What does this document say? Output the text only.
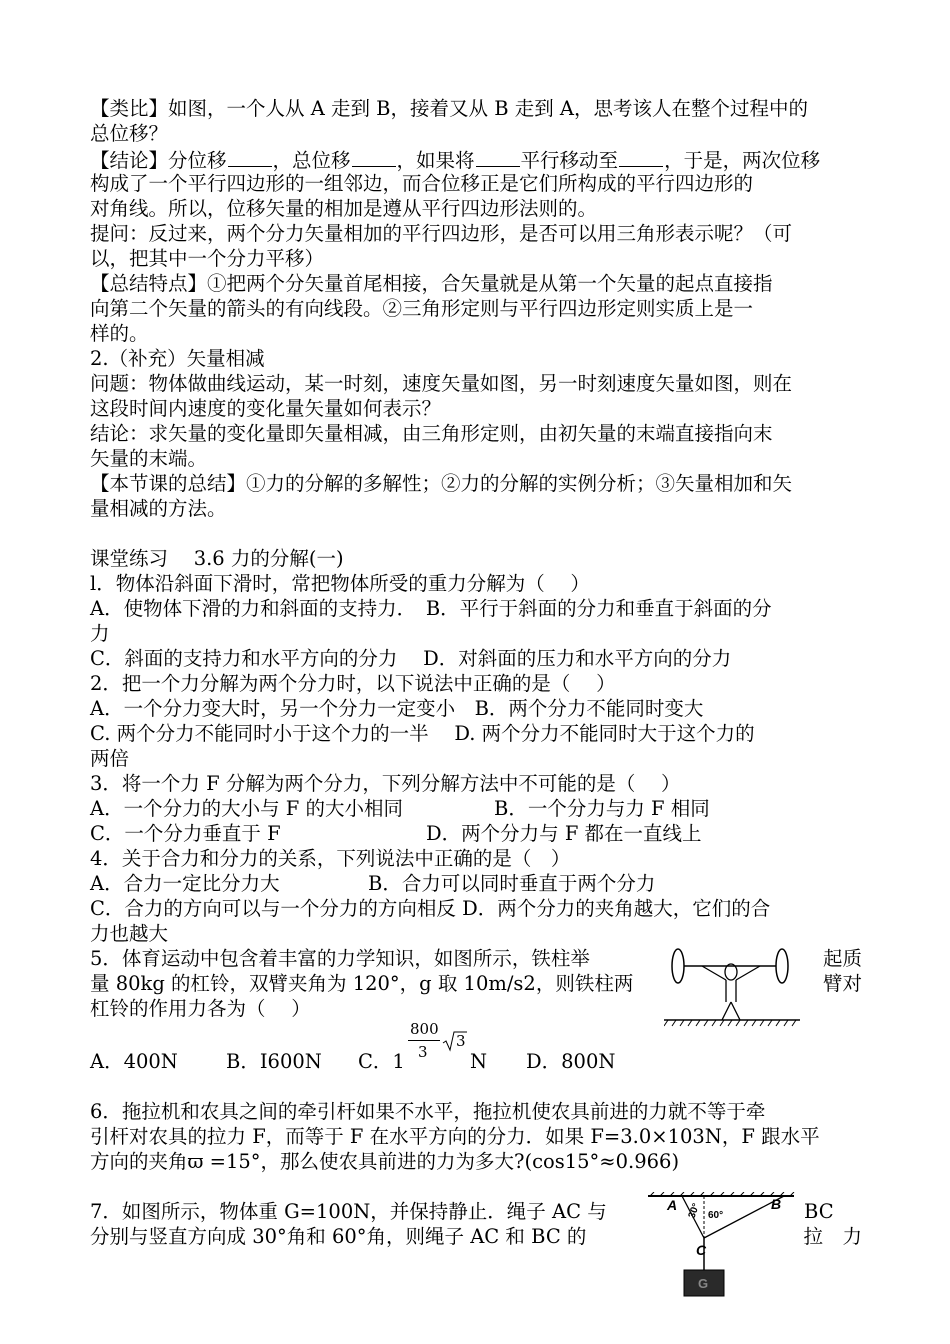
【类比】如图，一个人从 A 走到 B，接着又从 B 走到 A，思考该人在整个过程中的
总位移？
【结论】分位移 ，总位移 ，如果将 平行移动至 ，于是，两次位移
构成了一个平行四边形的一组邻边，而合位移正是它们所构成的平行四边形的
对角线。所以，位移矢量的相加是遵从平行四边形法则的。
提问：反过来，两个分力矢量相加的平行四边形，是否可以用三角形表示呢？（可
以，把其中一个分力平移）
【总结特点】①把两个分矢量首尾相接，合矢量就是从第一个矢量的起点直接指
向第二个矢量的箭头的有向线段。②三角形定则与平行四边形定则实质上是一
样的。
2.（补充）矢量相减
问题：物体做曲线运动，某一时刻，速度矢量如图，另一时刻速度矢量如图，则在
这段时间内速度的变化量矢量如何表示？
结论：求矢量的变化量即矢量相减，由三角形定则，由初矢量的末端直接指向末
矢量的末端。
【本节课的总结】①力的分解的多解性；②力的分解的实例分析；③矢量相加和矢
量相减的方法。
课堂练习　 3.6 力的分解(一)
l．物体沿斜面下滑时，常把物体所受的重力分解为（　 ）
A．使物体下滑的力和斜面的支持力．　B．平行于斜面的分力和垂直于斜面的分
力
C．斜面的支持力和水平方向的分力　 D．对斜面的压力和水平方向的分力
2．把一个力分解为两个分力时，以下说法中正确的是（　 ）
A．一个分力变大时，另一个分力一定变小　B．两个分力不能同时变大
C. 两个分力不能同时小于这个力的一半　 D. 两个分力不能同时大于这个力的
两倍
3．将一个力 F 分解为两个分力，下列分解方法中不可能的是（　 ）
A．一个分力的大小与 F 的大小相同	B．一个分力与力 F 相同
C．一个分力垂直于 F	D．两个分力与 F 都在一直线上
4．关于合力和分力的关系，下列说法中正确的是（　）
A．合力一定比分力大	B．合力可以同时垂直于两个分力
C．合力的方向可以与一个分力的方向相反 D．两个分力的夹角越大，它们的合
力也越大
5．体育运动中包含着丰富的力学知识，如图所示，铁柱举	起质
量 80kg 的杠铃，双臂夹角为 120°，g 取 10m/s2，则铁柱两	臂对
杠铃的作用力各为（　 ）
A．400N B．I600N C．1	N D．800N
6．拖拉机和农具之间的牵引杆如果不水平，拖拉机使农具前进的力就不等于牵
引杆对农具的拉力 F，而等于 F 在水平方向的分力．如果 F=3.0×103N，F 跟水平
方向的夹角ϖ =15°，那么使农具前进的力为多大?(cos15°≈0.966)
7．如图所示，物体重 G=100N，并保持静止．绳子 AC 与	BC
分别与竖直方向成 30°角和 60°角，则绳子 AC 和 BC 的	拉　力
800
3
3
A	B
C
30° 60°
G
